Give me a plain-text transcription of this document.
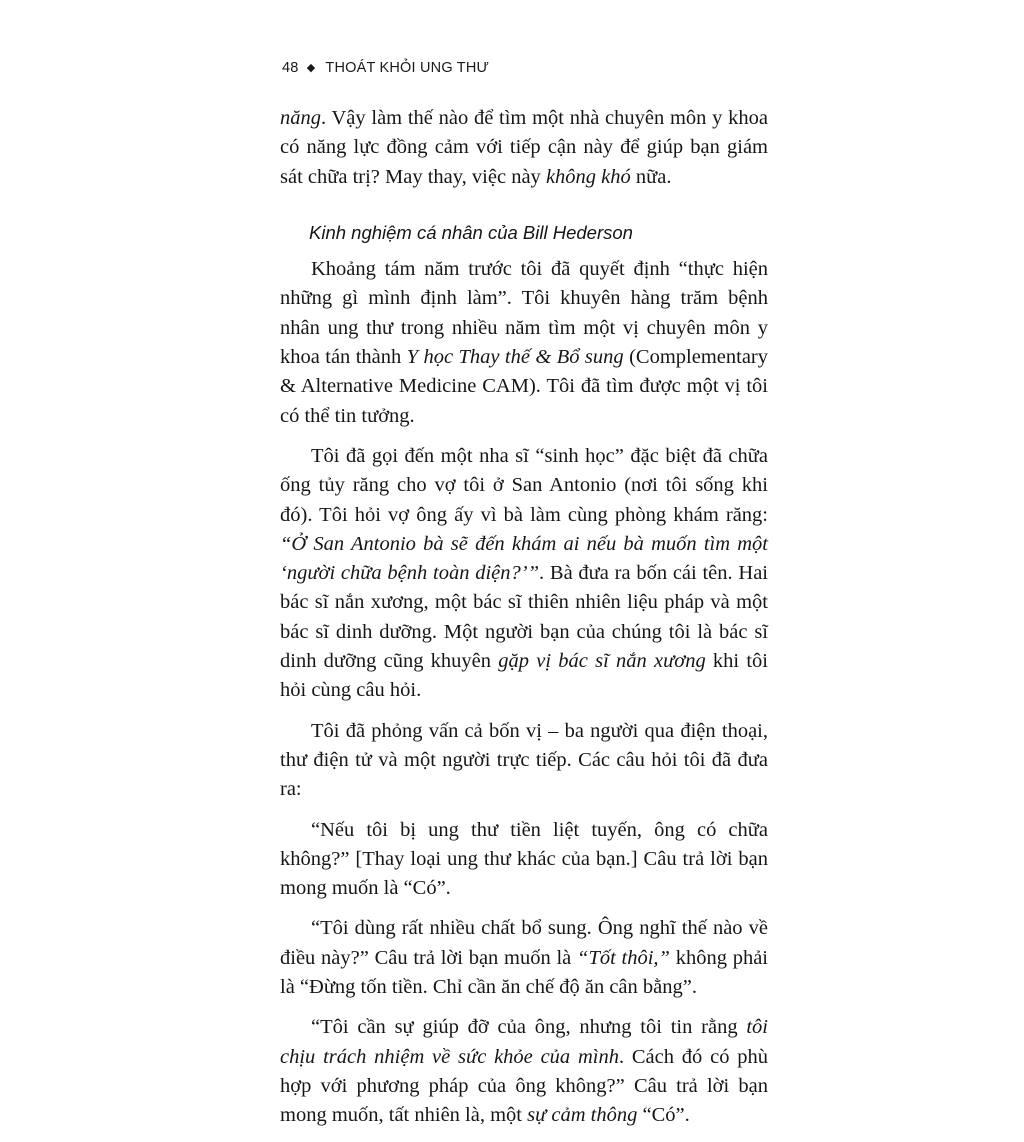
48 ◆ THOÁT KHỎI UNG THƯ

năng. Vậy làm thế nào để tìm một nhà chuyên môn y khoa có năng lực đồng cảm với tiếp cận này để giúp bạn giám sát chữa trị? May thay, việc này không khó nữa.

Kinh nghiệm cá nhân của Bill Hederson

Khoảng tám năm trước tôi đã quyết định “thực hiện những gì mình định làm”. Tôi khuyên hàng trăm bệnh nhân ung thư trong nhiều năm tìm một vị chuyên môn y khoa tán thành Y học Thay thế & Bổ sung (Complementary & Alternative Medicine CAM). Tôi đã tìm được một vị tôi có thể tin tưởng.

Tôi đã gọi đến một nha sĩ “sinh học” đặc biệt đã chữa ống tủy răng cho vợ tôi ở San Antonio (nơi tôi sống khi đó). Tôi hỏi vợ ông ấy vì bà làm cùng phòng khám răng: “Ở San Antonio bà sẽ đến khám ai nếu bà muốn tìm một ‘người chữa bệnh toàn diện?’”. Bà đưa ra bốn cái tên. Hai bác sĩ nắn xương, một bác sĩ thiên nhiên liệu pháp và một bác sĩ dinh dưỡng. Một người bạn của chúng tôi là bác sĩ dinh dưỡng cũng khuyên gặp vị bác sĩ nắn xương khi tôi hỏi cùng câu hỏi.

Tôi đã phỏng vấn cả bốn vị – ba người qua điện thoại, thư điện tử và một người trực tiếp. Các câu hỏi tôi đã đưa ra:

“Nếu tôi bị ung thư tiền liệt tuyến, ông có chữa không?” [Thay loại ung thư khác của bạn.] Câu trả lời bạn mong muốn là “Có”.

“Tôi dùng rất nhiều chất bổ sung. Ông nghĩ thế nào về điều này?” Câu trả lời bạn muốn là “Tốt thôi,” không phải là “Đừng tốn tiền. Chỉ cần ăn chế độ ăn cân bằng”.

“Tôi cần sự giúp đỡ của ông, nhưng tôi tin rằng tôi chịu trách nhiệm về sức khỏe của mình. Cách đó có phù hợp với phương pháp của ông không?” Câu trả lời bạn mong muốn, tất nhiên là, một sự cảm thông “Có”.
